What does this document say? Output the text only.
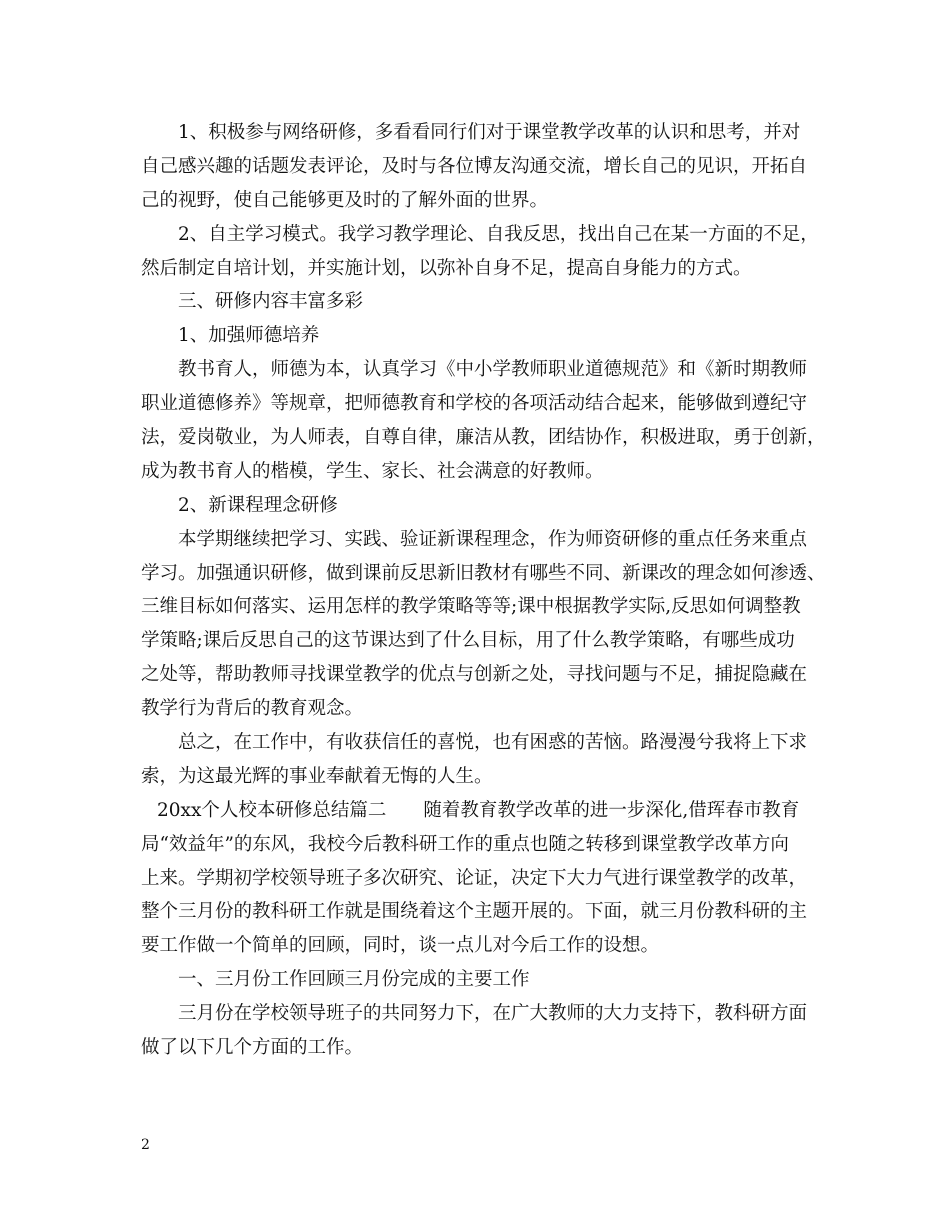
1、积极参与网络研修，多看看同行们对于课堂教学改革的认识和思考，并对
自己感兴趣的话题发表评论，及时与各位博友沟通交流，增长自己的见识，开拓自
己的视野，使自己能够更及时的了解外面的世界。
2、自主学习模式。我学习教学理论、自我反思，找出自己在某一方面的不足，
然后制定自培计划，并实施计划，以弥补自身不足，提高自身能力的方式。
三、研修内容丰富多彩
1、加强师德培养
教书育人，师德为本，认真学习《中小学教师职业道德规范》和《新时期教师
职业道德修养》等规章，把师德教育和学校的各项活动结合起来，能够做到遵纪守
法，爱岗敬业，为人师表，自尊自律，廉洁从教，团结协作，积极进取，勇于创新，
成为教书育人的楷模，学生、家长、社会满意的好教师。
2、新课程理念研修
本学期继续把学习、实践、验证新课程理念，作为师资研修的重点任务来重点
学习。加强通识研修，做到课前反思新旧教材有哪些不同、新课改的理念如何渗透、
三维目标如何落实、运用怎样的教学策略等等;课中根据教学实际,反思如何调整教
学策略;课后反思自己的这节课达到了什么目标，用了什么教学策略，有哪些成功
之处等，帮助教师寻找课堂教学的优点与创新之处，寻找问题与不足，捕捉隐藏在
教学行为背后的教育观念。
总之，在工作中，有收获信任的喜悦，也有困惑的苦恼。路漫漫兮我将上下求
索，为这最光辉的事业奉献着无悔的人生。
20xx个人校本研修总结篇二　　随着教育教学改革的进一步深化,借珲春市教育
局“效益年”的东风，我校今后教科研工作的重点也随之转移到课堂教学改革方向
上来。学期初学校领导班子多次研究、论证，决定下大力气进行课堂教学的改革，
整个三月份的教科研工作就是围绕着这个主题开展的。下面，就三月份教科研的主
要工作做一个简单的回顾，同时，谈一点儿对今后工作的设想。
一、三月份工作回顾三月份完成的主要工作
三月份在学校领导班子的共同努力下，在广大教师的大力支持下，教科研方面
做了以下几个方面的工作。
2
